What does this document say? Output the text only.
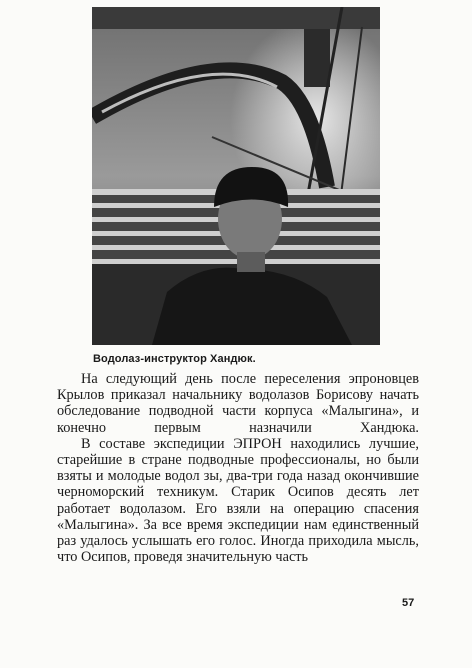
Водолаз-инструктор Хандюк.

На следующий день после переселения эпроновцев Крылов приказал начальнику водолазов Борисову начать обследование подводной части корпуса «Малыгина», и конечно первым назначили Хандюка.

В составе экспедиции ЭПРОН находились лучшие, старейшие в стране подводные профессионалы, но были взяты и молодые водол зы, два-три года назад окончившие черноморский техникум. Старик Осипов десять лет работает водолазом. Его взяли на операцию спасения «Малыгина». За все время экспедиции нам единственный раз удалось услышать его голос. Иногда приходила мысль, что Осипов, проведя значительную часть

57
